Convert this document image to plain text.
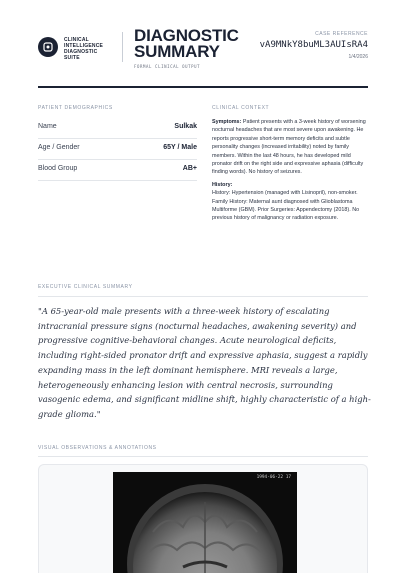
CLINICAL
INTELLIGENCE
DIAGNOSTIC
SUITE
DIAGNOSTIC
SUMMARY
FORMAL CLINICAL OUTPUT
CASE REFERENCE
vA9MNkY8buML3AUIsRA4
1/4/2026
PATIENT DEMOGRAPHICS
Name	Sulkak
Age / Gender	65Y / Male
Blood Group	AB+
CLINICAL CONTEXT
Symptoms: Patient presents with a 3-week history of worsening nocturnal headaches that are most severe upon awakening. He reports progressive short-term memory deficits and subtle personality changes (increased irritability) noted by family members. Within the last 48 hours, he has developed mild pronator drift on the right side and expressive aphasia (difficulty finding words). No history of seizures.
History:
History: Hypertension (managed with Lisinopril), non-smoker. Family History: Maternal aunt diagnosed with Glioblastoma Multiforme (GBM). Prior Surgeries: Appendectomy (2018). No previous history of malignancy or radiation exposure.
EXECUTIVE CLINICAL SUMMARY
"A 65-year-old male presents with a three-week history of escalating intracranial pressure signs (nocturnal headaches, awakening severity) and progressive cognitive-behavioral changes. Acute neurological deficits, including right-sided pronator drift and expressive aphasia, suggest a rapidly expanding mass in the left dominant hemisphere. MRI reveals a large, heterogeneously enhancing lesion with central necrosis, surrounding vasogenic edema, and significant midline shift, highly characteristic of a high-grade glioma."
VISUAL OBSERVATIONS & ANNOTATIONS
1994-06-22 17
